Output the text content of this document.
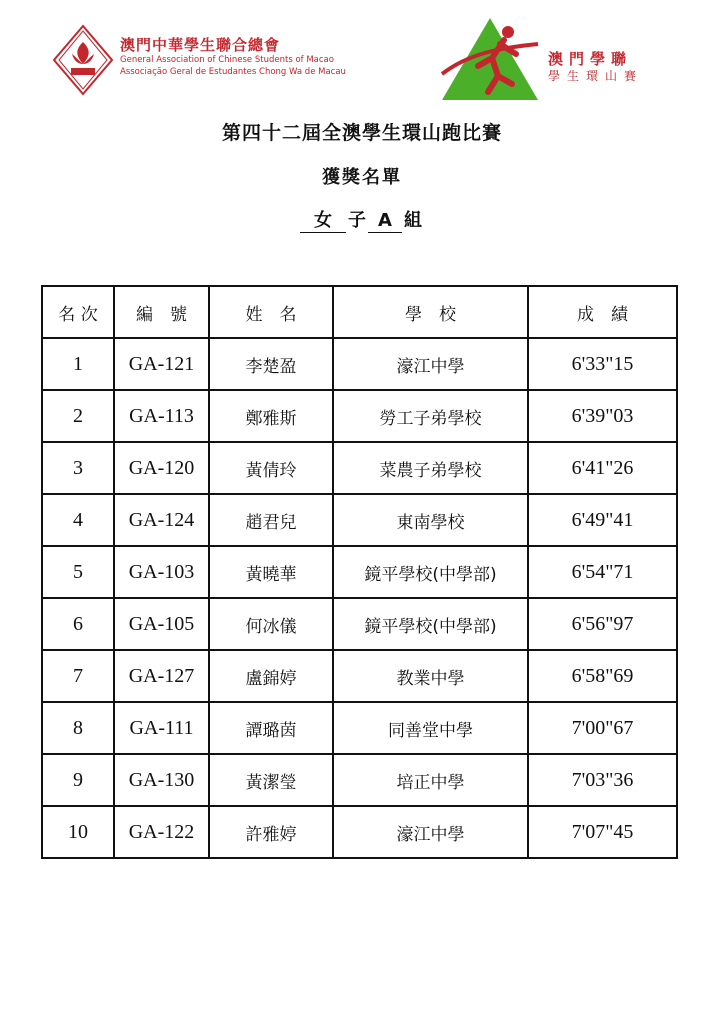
澳門中華學生聯合總會
General Association of Chinese Students of Macao
Associação Geral de Estudantes Chong Wa de Macau
澳門學聯
學生環山賽
第四十二屆全澳學生環山跑比賽
獲獎名單
女 子 A 組
名 次	編　號	姓　名	學　校	成　績
1	GA-121	李楚盈	濠江中學	6'33"15
2	GA-113	鄭雅斯	勞工子弟學校	6'39"03
3	GA-120	黃倩玲	菜農子弟學校	6'41"26
4	GA-124	趙君兒	東南學校	6'49"41
5	GA-103	黃曉華	鏡平學校(中學部)	6'54"71
6	GA-105	何冰儀	鏡平學校(中學部)	6'56"97
7	GA-127	盧錦婷	教業中學	6'58"69
8	GA-111	譚璐茵	同善堂中學	7'00"67
9	GA-130	黃潔瑩	培正中學	7'03"36
10	GA-122	許雅婷	濠江中學	7'07"45
